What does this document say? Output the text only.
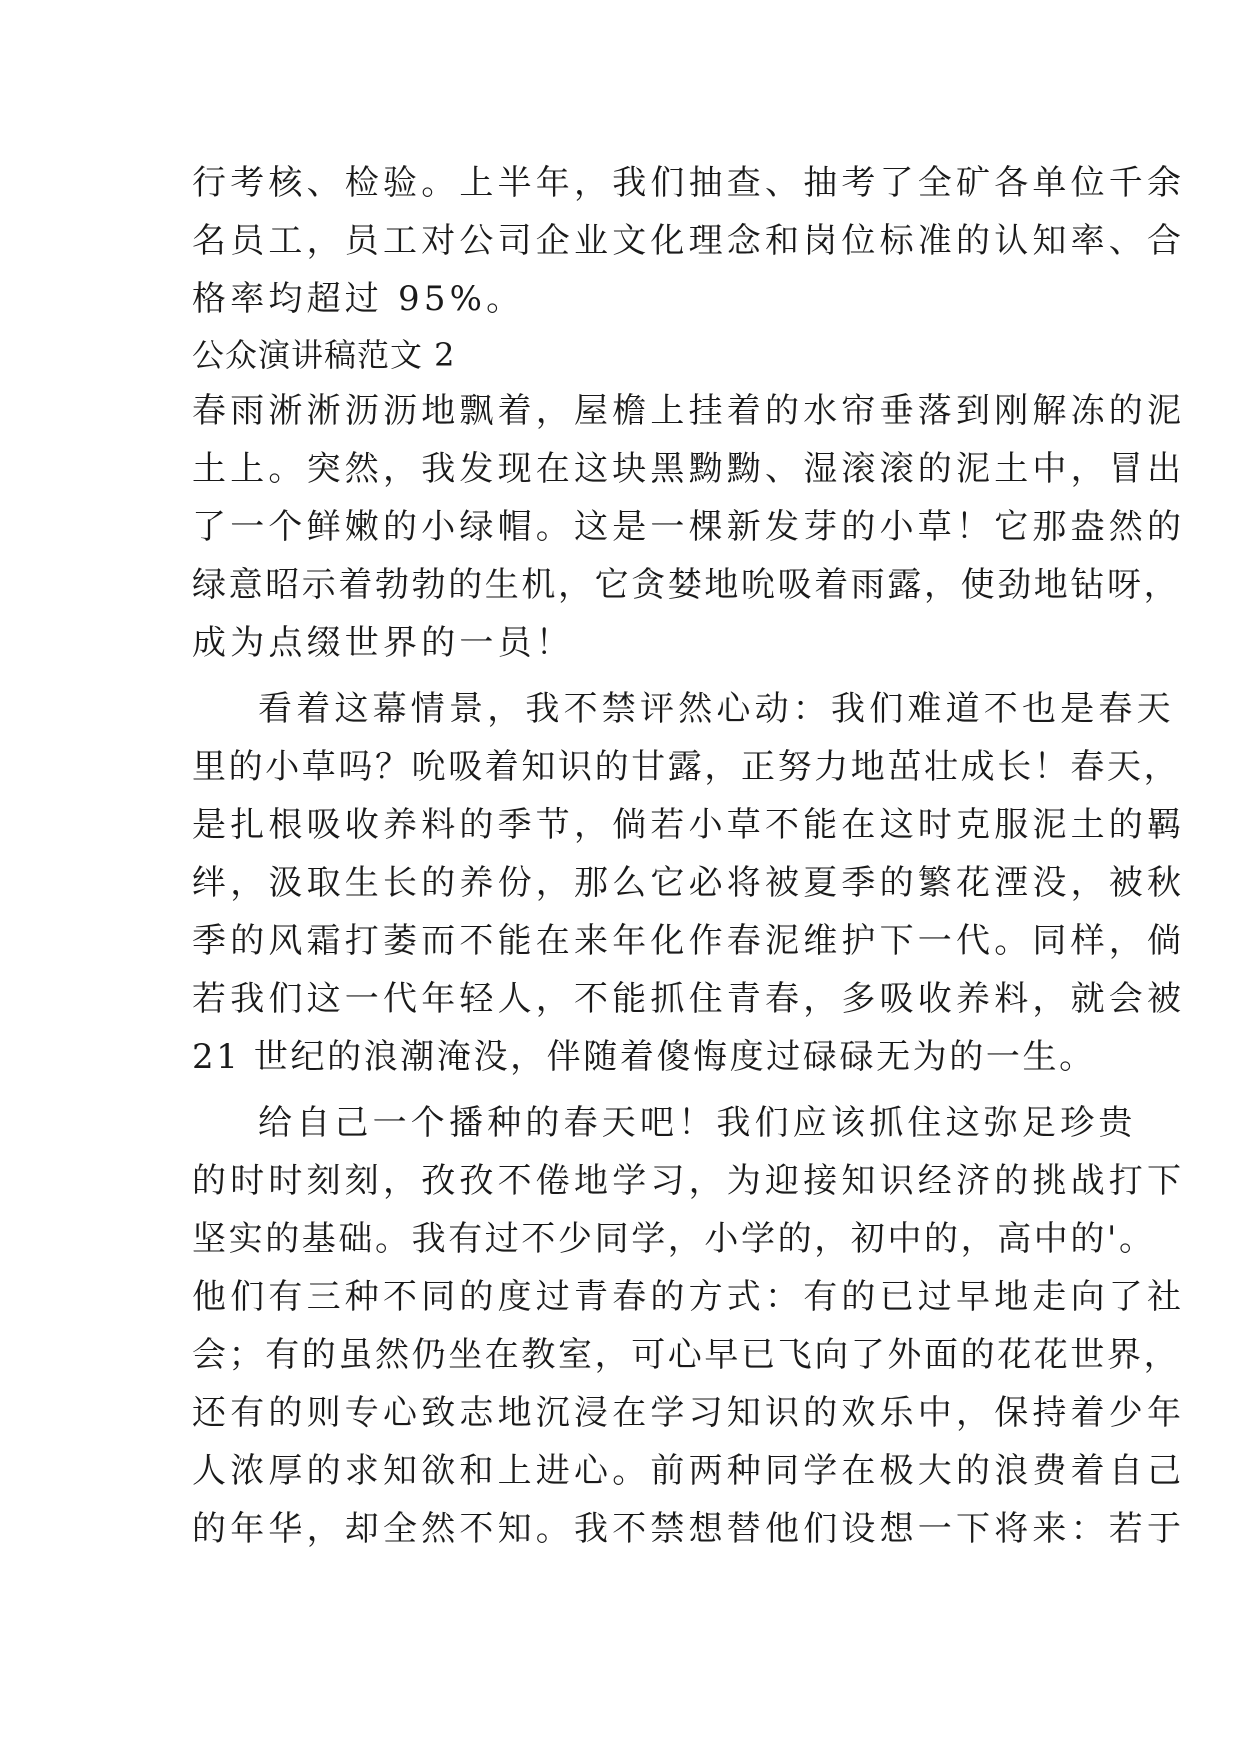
行考核、检验。上半年，我们抽查、抽考了全矿各单位千余
名员工，员工对公司企业文化理念和岗位标准的认知率、合
格率均超过 95%。
公众演讲稿范文 2
春雨淅淅沥沥地飘着，屋檐上挂着的水帘垂落到刚解冻的泥
土上。突然，我发现在这块黑黝黝、湿滚滚的泥土中，冒出
了一个鲜嫩的小绿帽。这是一棵新发芽的小草！它那盎然的
绿意昭示着勃勃的生机，它贪婪地吮吸着雨露，使劲地钻呀，
成为点缀世界的一员！
看着这幕情景，我不禁评然心动：我们难道不也是春天
里的小草吗？吮吸着知识的甘露，正努力地茁壮成长！春天，
是扎根吸收养料的季节，倘若小草不能在这时克服泥土的羁
绊，汲取生长的养份，那么它必将被夏季的繁花湮没，被秋
季的风霜打萎而不能在来年化作春泥维护下一代。同样，倘
若我们这一代年轻人，不能抓住青春，多吸收养料，就会被
21 世纪的浪潮淹没，伴随着傻悔度过碌碌无为的一生。
给自己一个播种的春天吧！我们应该抓住这弥足珍贵
的时时刻刻，孜孜不倦地学习，为迎接知识经济的挑战打下
坚实的基础。我有过不少同学，小学的，初中的，高中的'。
他们有三种不同的度过青春的方式：有的已过早地走向了社
会；有的虽然仍坐在教室，可心早已飞向了外面的花花世界，
还有的则专心致志地沉浸在学习知识的欢乐中，保持着少年
人浓厚的求知欲和上进心。前两种同学在极大的浪费着自己
的年华，却全然不知。我不禁想替他们设想一下将来：若于
